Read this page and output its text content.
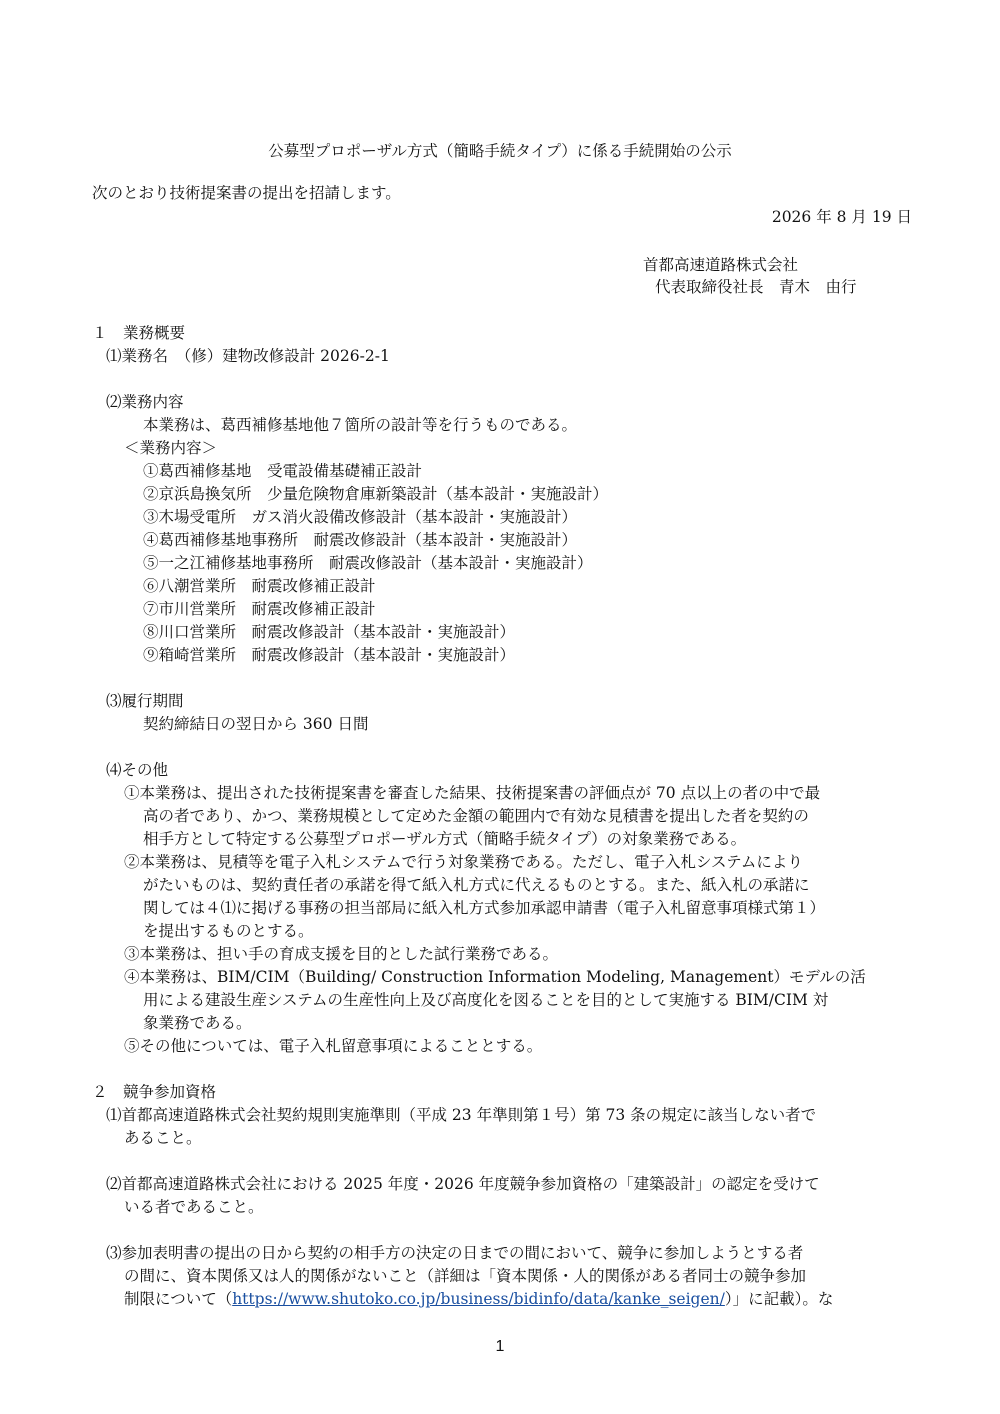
公募型プロポーザル方式（簡略手続タイプ）に係る手続開始の公示
次のとおり技術提案書の提出を招請します。
2026 年 8 月 19 日
首都高速道路株式会社
代表取締役社長　青木　由行
１　業務概要
⑴業務名　（修）建物改修設計 2026-2-1
⑵業務内容
本業務は、葛西補修基地他７箇所の設計等を行うものである。
＜業務内容＞
①葛西補修基地　受電設備基礎補正設計
②京浜島換気所　少量危険物倉庫新築設計（基本設計・実施設計）
③木場受電所　ガス消火設備改修設計（基本設計・実施設計）
④葛西補修基地事務所　耐震改修設計（基本設計・実施設計）
⑤一之江補修基地事務所　耐震改修設計（基本設計・実施設計）
⑥八潮営業所　耐震改修補正設計
⑦市川営業所　耐震改修補正設計
⑧川口営業所　耐震改修設計（基本設計・実施設計）
⑨箱崎営業所　耐震改修設計（基本設計・実施設計）
⑶履行期間
契約締結日の翌日から 360 日間
⑷その他
①本業務は、提出された技術提案書を審査した結果、技術提案書の評価点が 70 点以上の者の中で最
高の者であり、かつ、業務規模として定めた金額の範囲内で有効な見積書を提出した者を契約の
相手方として特定する公募型プロポーザル方式（簡略手続タイプ）の対象業務である。
②本業務は、見積等を電子入札システムで行う対象業務である。ただし、電子入札システムにより
がたいものは、契約責任者の承諾を得て紙入札方式に代えるものとする。また、紙入札の承諾に
関しては４⑴に掲げる事務の担当部局に紙入札方式参加承認申請書（電子入札留意事項様式第１）
を提出するものとする。
③本業務は、担い手の育成支援を目的とした試行業務である。
④本業務は、BIM/CIM（Building/ Construction Information Modeling, Management）モデルの活
用による建設生産システムの生産性向上及び高度化を図ることを目的として実施する BIM/CIM 対
象業務である。
⑤その他については、電子入札留意事項によることとする。
２　競争参加資格
⑴首都高速道路株式会社契約規則実施準則（平成 23 年準則第１号）第 73 条の規定に該当しない者で
あること。
⑵首都高速道路株式会社における 2025 年度・2026 年度競争参加資格の「建築設計」の認定を受けて
いる者であること。
⑶参加表明書の提出の日から契約の相手方の決定の日までの間において、競争に参加しようとする者
の間に、資本関係又は人的関係がないこと（詳細は「資本関係・人的関係がある者同士の競争参加
制限について（https://www.shutoko.co.jp/business/bidinfo/data/kanke_seigen/）」に記載）。な
1
